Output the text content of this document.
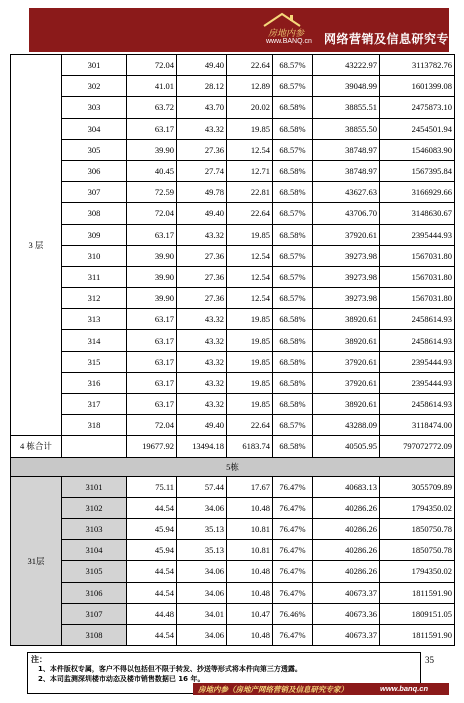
房地内参
www.BANQ.cn 网络营销及信息研究专家
3 层	301	72.04	49.40	22.64	68.57%	43222.97	3113782.76
	302	41.01	28.12	12.89	68.57%	39048.99	1601399.08
	303	63.72	43.70	20.02	68.58%	38855.51	2475873.10
	304	63.17	43.32	19.85	68.58%	38855.50	2454501.94
	305	39.90	27.36	12.54	68.57%	38748.97	1546083.90
	306	40.45	27.74	12.71	68.58%	38748.97	1567395.84
	307	72.59	49.78	22.81	68.58%	43627.63	3166929.66
	308	72.04	49.40	22.64	68.57%	43706.70	3148630.67
	309	63.17	43.32	19.85	68.58%	37920.61	2395444.93
	310	39.90	27.36	12.54	68.57%	39273.98	1567031.80
	311	39.90	27.36	12.54	68.57%	39273.98	1567031.80
	312	39.90	27.36	12.54	68.57%	39273.98	1567031.80
	313	63.17	43.32	19.85	68.58%	38920.61	2458614.93
	314	63.17	43.32	19.85	68.58%	38920.61	2458614.93
	315	63.17	43.32	19.85	68.58%	37920.61	2395444.93
	316	63.17	43.32	19.85	68.58%	37920.61	2395444.93
	317	63.17	43.32	19.85	68.58%	38920.61	2458614.93
	318	72.04	49.40	22.64	68.57%	43288.09	3118474.00
4 栋合计		19677.92	13494.18	6183.74	68.58%	40505.95	797072772.09
5栋							
31层	3101	75.11	57.44	17.67	76.47%	40683.13	3055709.89
	3102	44.54	34.06	10.48	76.47%	40286.26	1794350.02
	3103	45.94	35.13	10.81	76.47%	40286.26	1850750.78
	3104	45.94	35.13	10.81	76.47%	40286.26	1850750.78
	3105	44.54	34.06	10.48	76.47%	40286.26	1794350.02
	3106	44.54	34.06	10.48	76.47%	40673.37	1811591.90
	3107	44.48	34.01	10.47	76.46%	40673.36	1809151.05
	3108	44.54	34.06	10.48	76.47%	40673.37	1811591.90
注：
1、本件版权专属，客户不得以包括但不限于转发、抄送等形式将本件向第三方透露。
2、本司监测深圳楼市动态及楼市销售数据已 16 年。
35
房地内参（房地产网络营销及信息研究专家）	www.banq.cn
